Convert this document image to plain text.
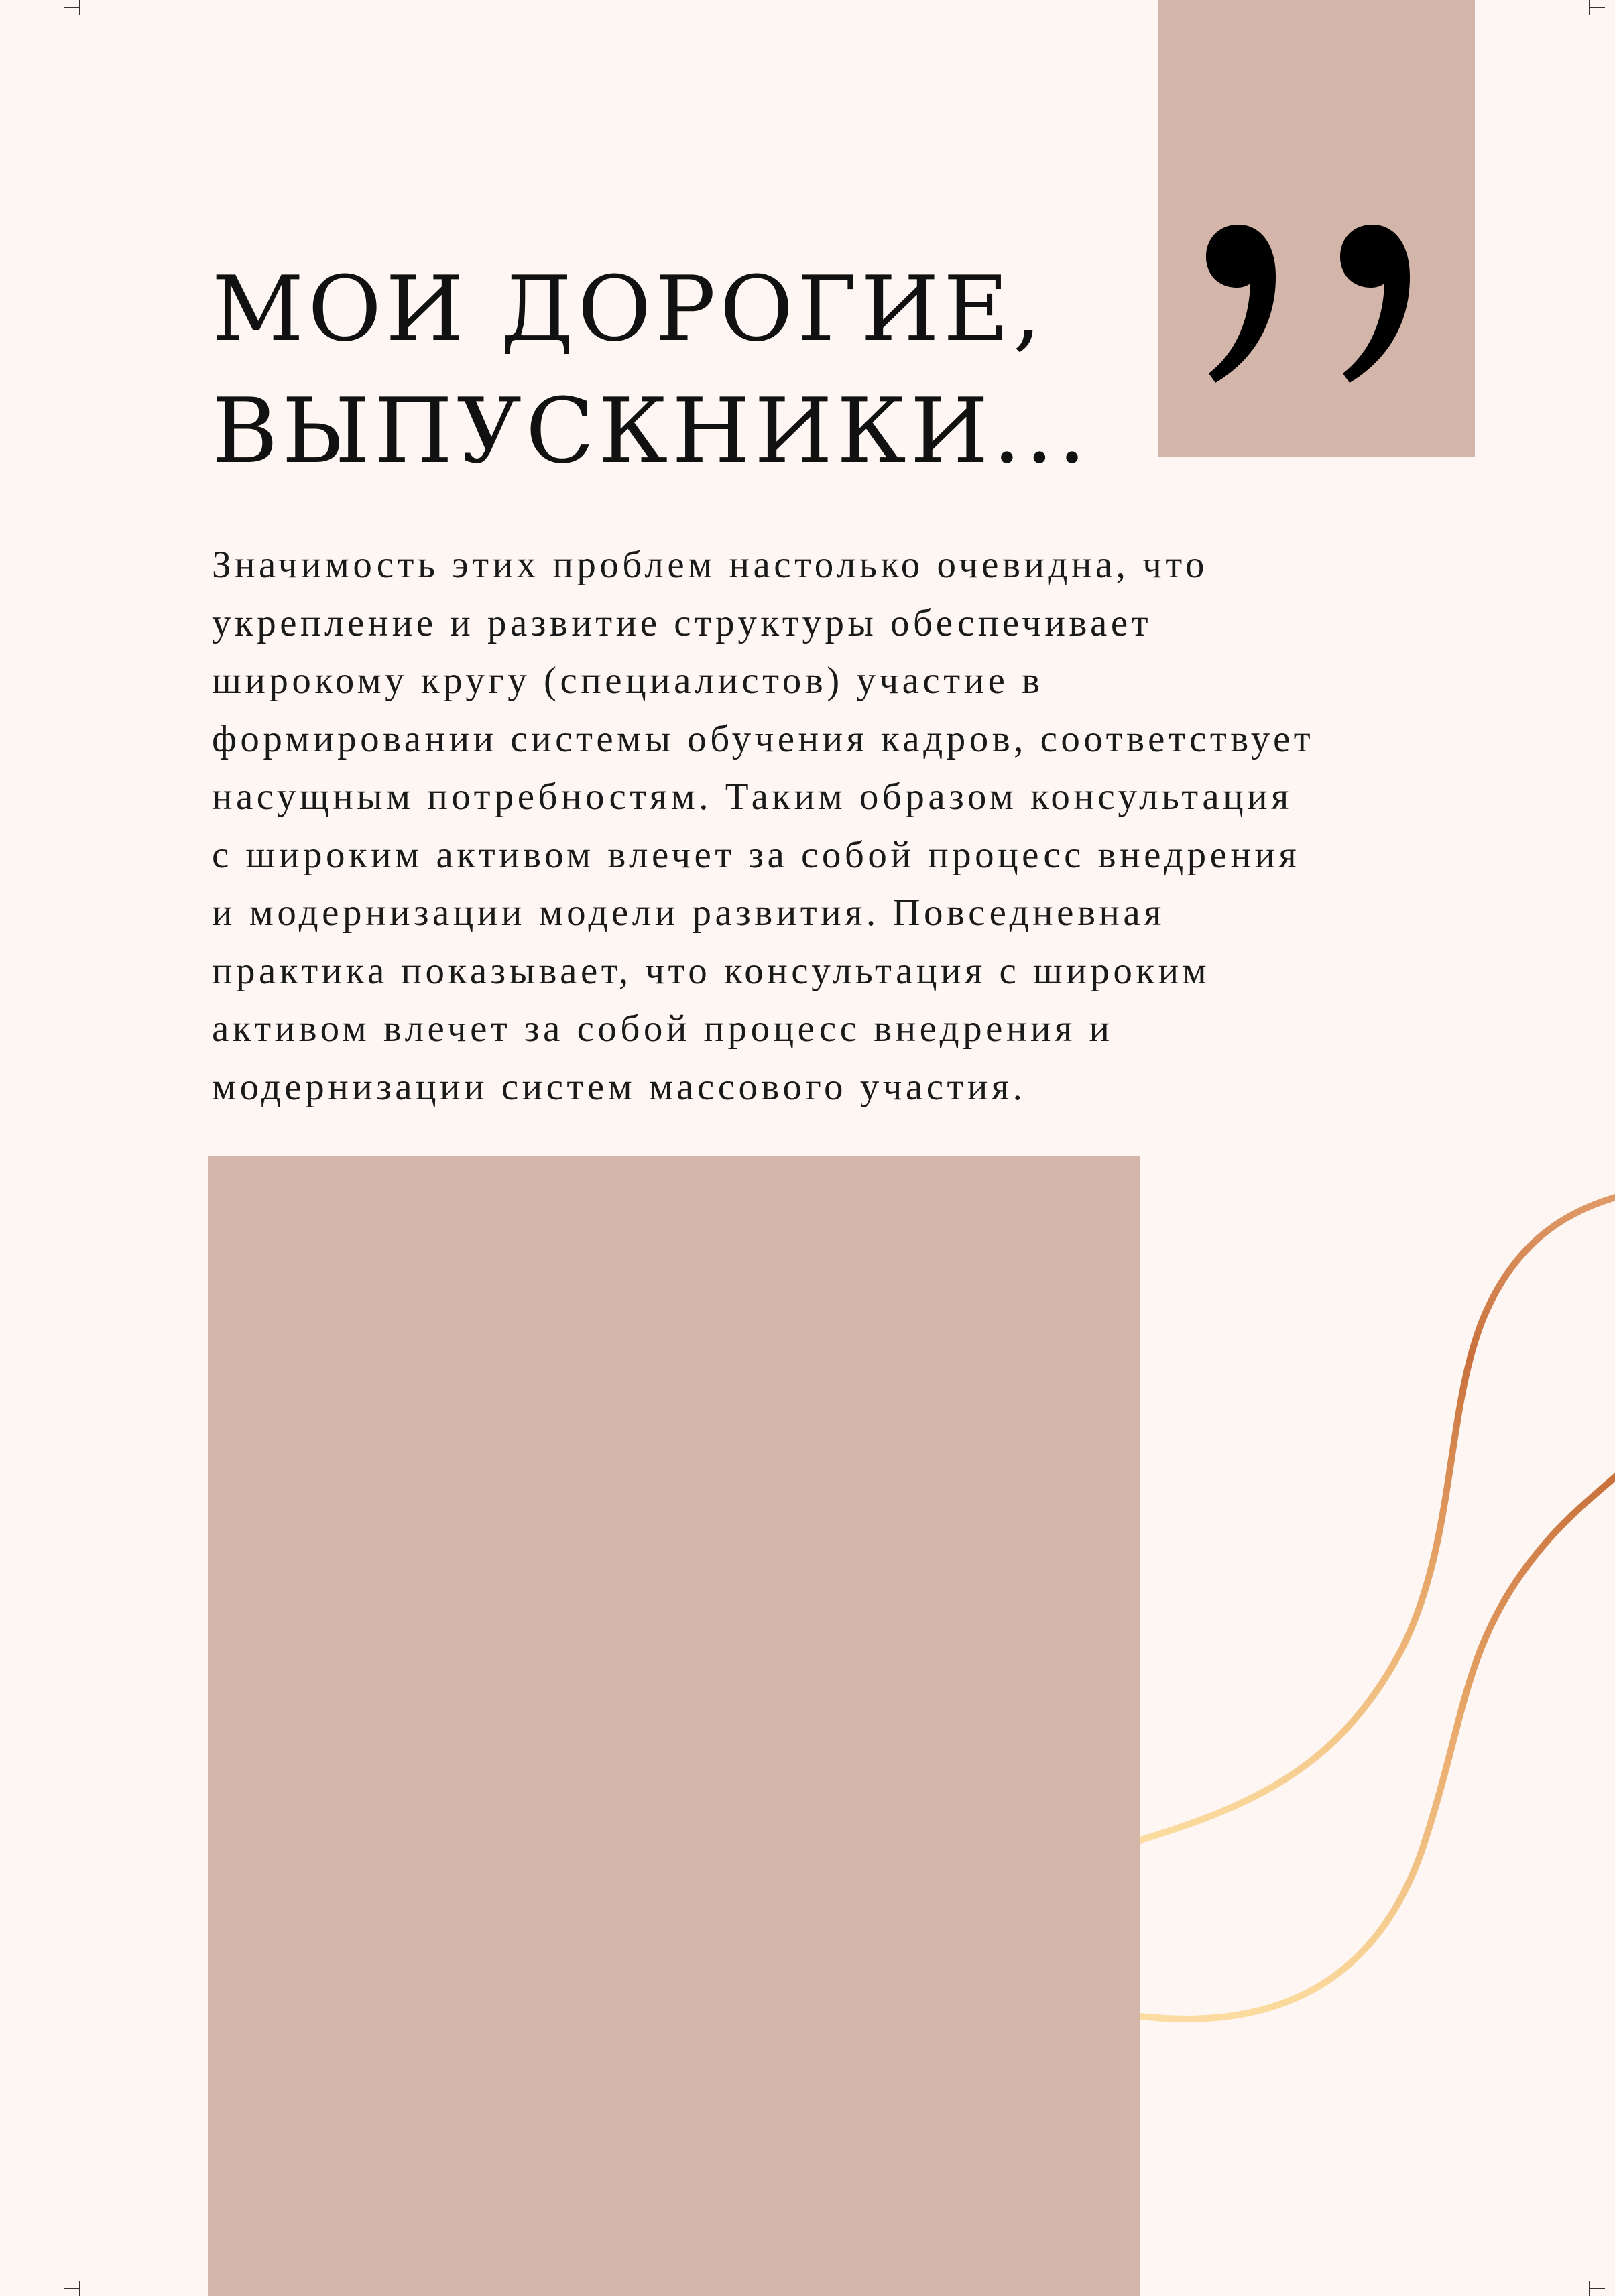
МОИ ДОРОГИЕ,
ВЫПУСКНИКИ...
Значимость этих проблем настолько очевидна, что
укрепление и развитие структуры обеспечивает
широкому кругу (специалистов) участие в
формировании системы обучения кадров, соответствует
насущным потребностям. Таким образом консультация
с широким активом влечет за собой процесс внедрения
и модернизации модели развития. Повседневная
практика показывает, что консультация с широким
активом влечет за собой процесс внедрения и
модернизации систем массового участия.
